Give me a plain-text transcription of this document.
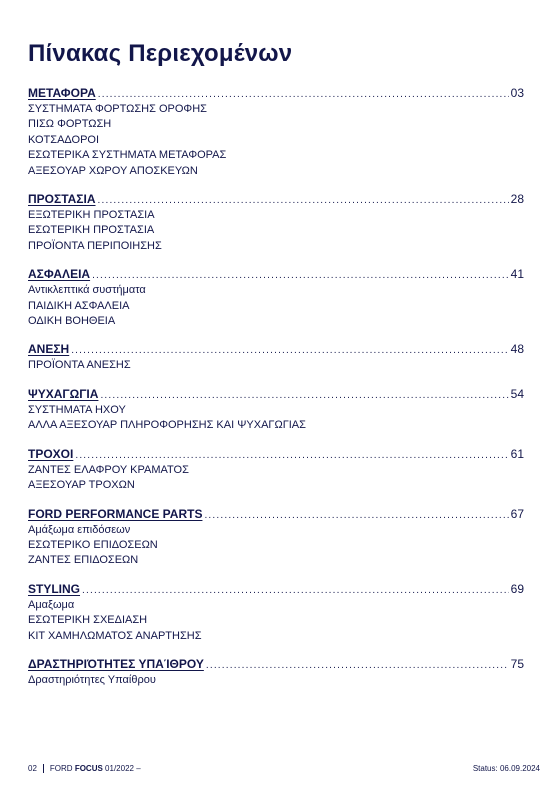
Πίνακας Περιεχομένων
ΜΕΤΑΦΟΡΑ .....	03
ΣΥΣΤΗΜΑΤΑ ΦΟΡΤΩΣΗΣ ΟΡΟΦΗΣ
ΠΙΣΩ ΦΟΡΤΩΣΗ
ΚΟΤΣΑΔΟΡΟΙ
ΕΣΩΤΕΡΙΚΑ ΣΥΣΤΗΜΑΤΑ ΜΕΤΑΦΟΡΑΣ
ΑΞΕΣΟΥΑΡ ΧΩΡΟΥ ΑΠΟΣΚΕΥΩΝ
ΠΡΟΣΤΑΣΙΑ .....	28
ΕΞΩΤΕΡΙΚΗ ΠΡΟΣΤΑΣΙΑ
ΕΣΩΤΕΡΙΚΗ ΠΡΟΣΤΑΣΙΑ
ΠΡΟΪΟΝΤΑ ΠΕΡΙΠΟΙΗΣΗΣ
ΑΣΦΑΛΕΙΑ .....	41
Αντικλεπτικά συστήματα
ΠΑΙΔΙΚΗ ΑΣΦΑΛΕΙΑ
ΟΔΙΚΗ ΒΟΗΘΕΙΑ
ΑΝΕΣΗ .....	48
ΠΡΟΪΟΝΤΑ ΑΝΕΣΗΣ
ΨΥΧΑΓΩΓΙΑ .....	54
ΣΥΣΤΗΜΑΤΑ ΗΧΟΥ
ΑΛΛΑ ΑΞΕΣΟΥΑΡ ΠΛΗΡΟΦΟΡΗΣΗΣ ΚΑΙ ΨΥΧΑΓΩΓΙΑΣ
ΤΡΟΧΟΙ .....	61
ΖΑΝΤΕΣ ΕΛΑΦΡΟΥ ΚΡΑΜΑΤΟΣ
ΑΞΕΣΟΥΑΡ ΤΡΟΧΩΝ
FORD PERFORMANCE PARTS .....	67
Αμάξωμα επιδόσεων
ΕΣΩΤΕΡΙΚΟ ΕΠΙΔΟΣΕΩΝ
ΖΑΝΤΕΣ ΕΠΙΔΟΣΕΩΝ
STYLING .....	69
Αμαξωμα
ΕΣΩΤΕΡΙΚΗ ΣΧΕΔΙΑΣΗ
ΚΙΤ ΧΑΜΗΛΩΜΑΤΟΣ ΑΝΑΡΤΗΣΗΣ
ΔΡΑΣΤΗΡΙΌΤΗΤΕΣ ΥΠΑΊΘΡΟΥ .....	75
Δραστηριότητες Υπαίθρου
02 FORD FOCUS 01/2022 –	Status: 06.09.2024
